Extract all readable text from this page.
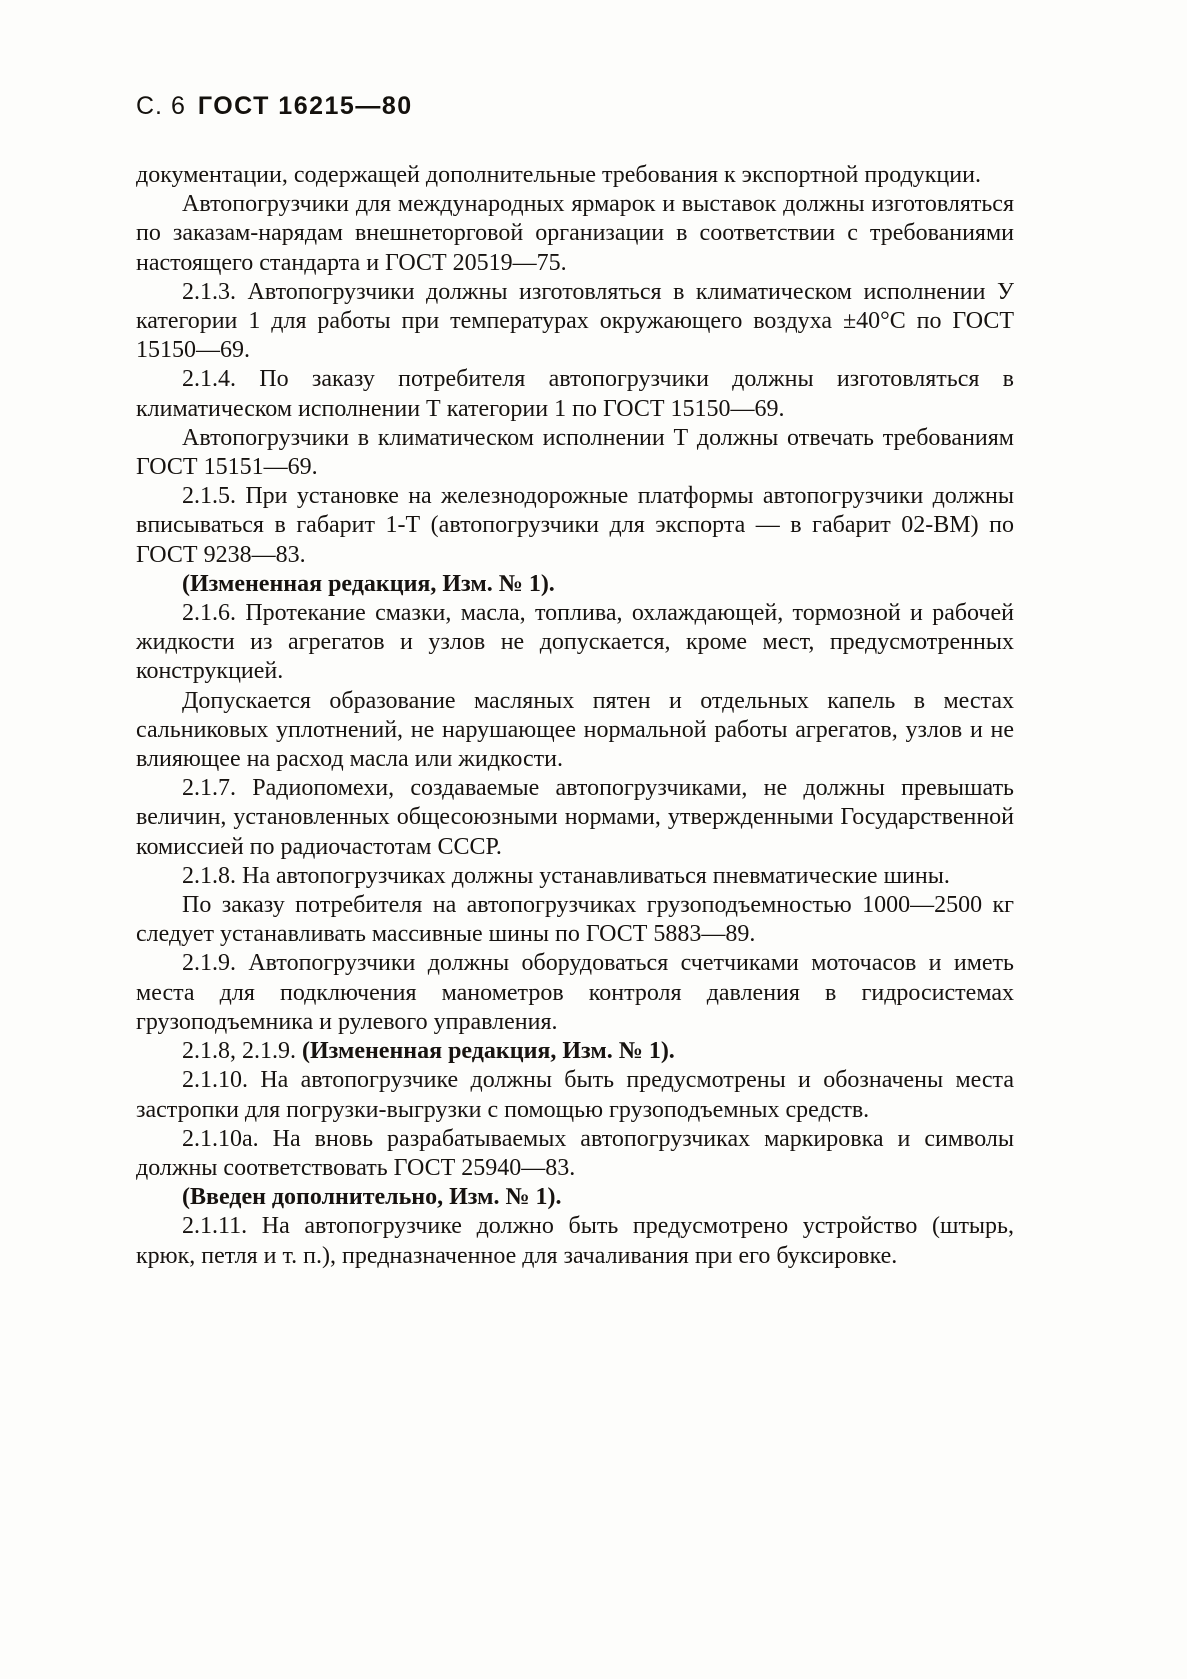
С. 6 ГОСТ 16215—80

документации, содержащей дополнительные требования к экспортной продукции.

Автопогрузчики для международных ярмарок и выставок должны изготовляться по заказам-нарядам внешнеторговой организации в соответствии с требованиями настоящего стандарта и ГОСТ 20519—75.

2.1.3. Автопогрузчики должны изготовляться в климатическом исполнении У категории 1 для работы при температурах окружающего воздуха ±40°С по ГОСТ 15150—69.

2.1.4. По заказу потребителя автопогрузчики должны изготовляться в климатическом исполнении Т категории 1 по ГОСТ 15150—69.

Автопогрузчики в климатическом исполнении Т должны отвечать требованиям ГОСТ 15151—69.

2.1.5. При установке на железнодорожные платформы автопогрузчики должны вписываться в габарит 1-Т (автопогрузчики для экспорта — в габарит 02-ВМ) по ГОСТ 9238—83.

(Измененная редакция, Изм. № 1).

2.1.6. Протекание смазки, масла, топлива, охлаждающей, тормозной и рабочей жидкости из агрегатов и узлов не допускается, кроме мест, предусмотренных конструкцией.

Допускается образование масляных пятен и отдельных капель в местах сальниковых уплотнений, не нарушающее нормальной работы агрегатов, узлов и не влияющее на расход масла или жидкости.

2.1.7. Радиопомехи, создаваемые автопогрузчиками, не должны превышать величин, установленных общесоюзными нормами, утвержденными Государственной комиссией по радиочастотам СССР.

2.1.8. На автопогрузчиках должны устанавливаться пневматические шины.

По заказу потребителя на автопогрузчиках грузоподъемностью 1000—2500 кг следует устанавливать массивные шины по ГОСТ 5883—89.

2.1.9. Автопогрузчики должны оборудоваться счетчиками моточасов и иметь места для подключения манометров контроля давления в гидросистемах грузоподъемника и рулевого управления.

2.1.8, 2.1.9. (Измененная редакция, Изм. № 1).

2.1.10. На автопогрузчике должны быть предусмотрены и обозначены места застропки для погрузки-выгрузки с помощью грузоподъемных средств.

2.1.10а. На вновь разрабатываемых автопогрузчиках маркировка и символы должны соответствовать ГОСТ 25940—83.

(Введен дополнительно, Изм. № 1).

2.1.11. На автопогрузчике должно быть предусмотрено устройство (штырь, крюк, петля и т. п.), предназначенное для зачаливания при его буксировке.
